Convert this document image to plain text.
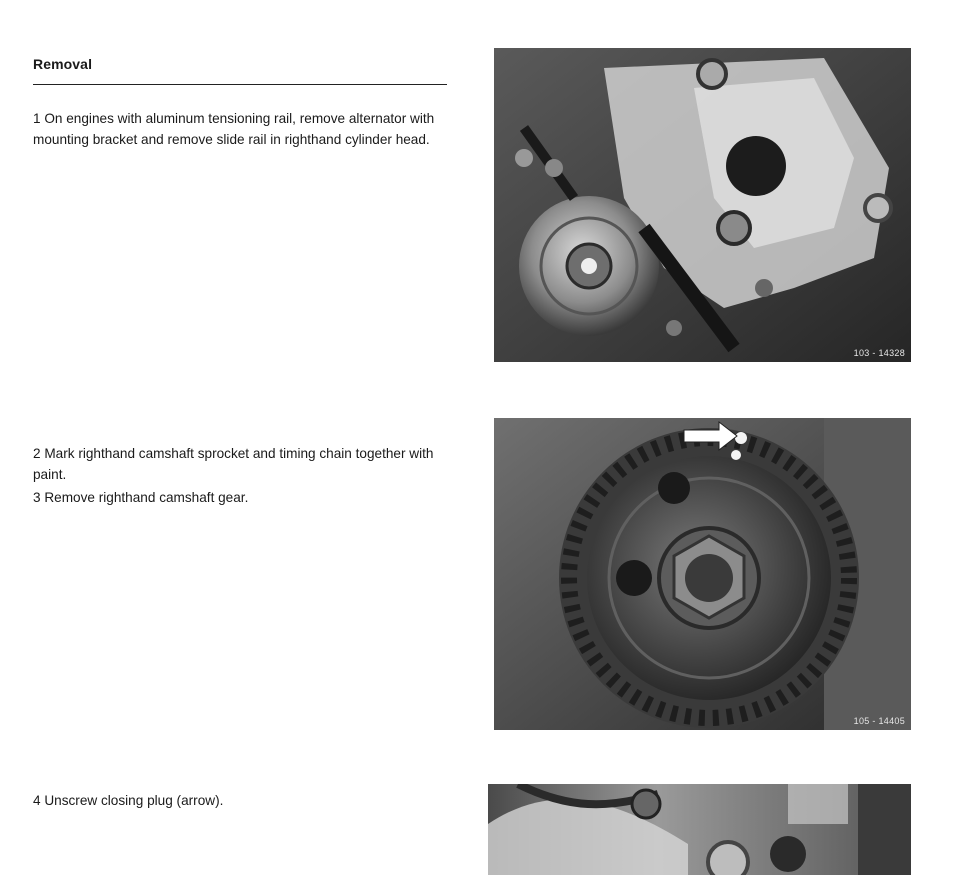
Removal
1 On engines with aluminum tensioning rail, remove alternator with mounting bracket and remove slide rail in righthand cylinder head.
2 Mark righthand camshaft sprocket and timing chain together with paint.
3 Remove righthand camshaft gear.
4 Unscrew closing plug (arrow).
103 - 14328
105 - 14405
